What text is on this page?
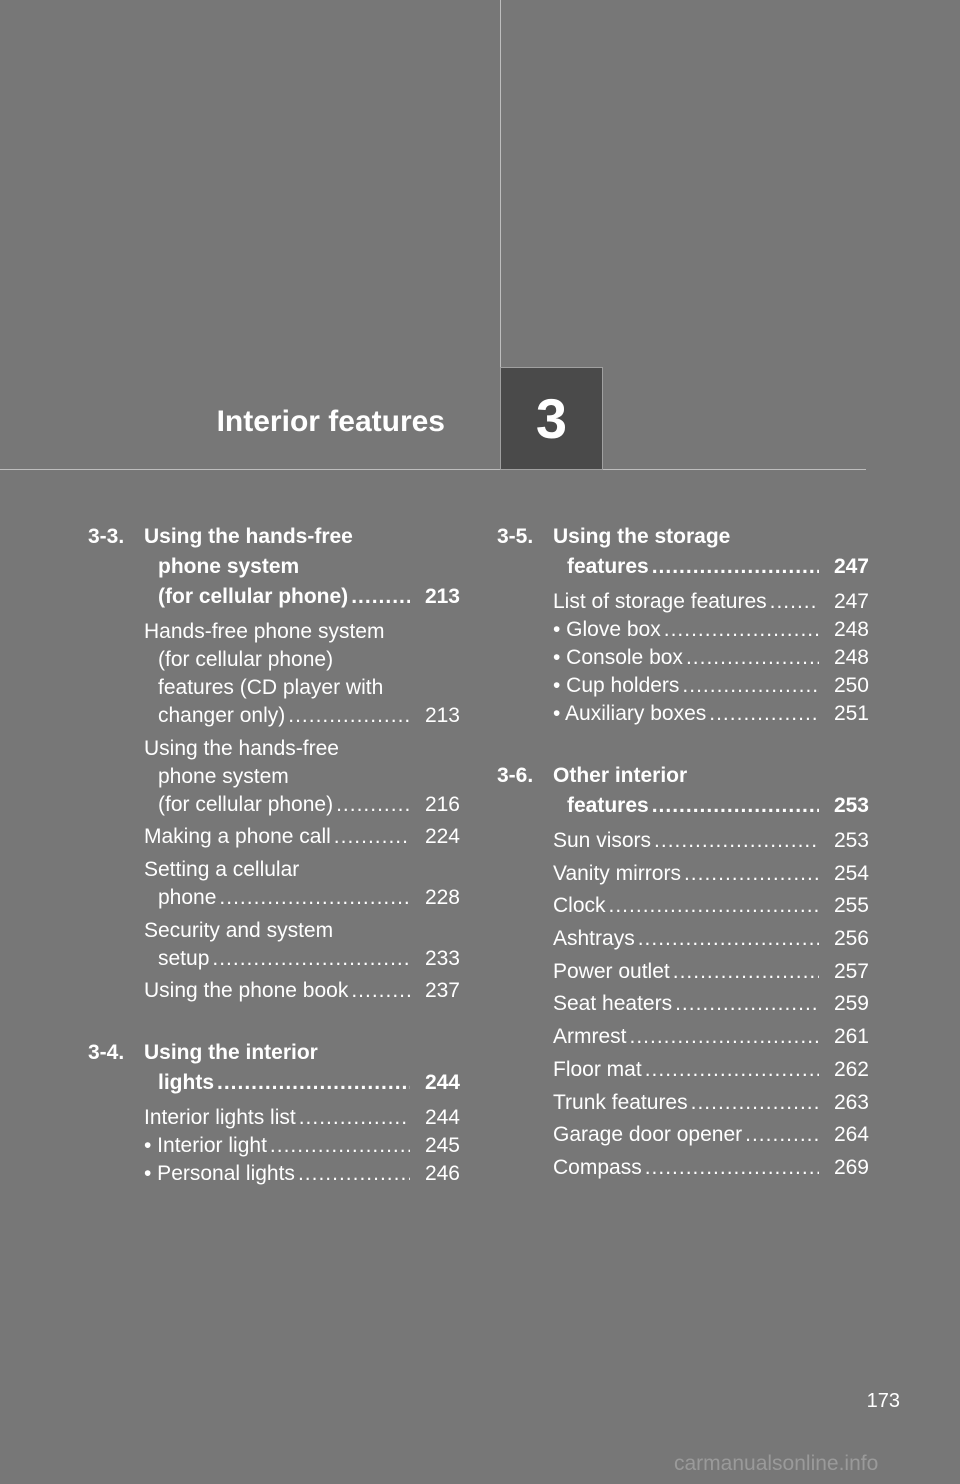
Interior features	3
3-3. Using the hands-free
phone system
(for cellular phone) .....	213
Hands-free phone system
(for cellular phone)
features (CD player with
changer only) .....	213
Using the hands-free
phone system
(for cellular phone) .....	216
Making a phone call .....	224
Setting a cellular
phone .....	228
Security and system
setup .....	233
Using the phone book .....	237
3-4. Using the interior
lights .....	244
Interior lights list .....	244
• Interior light .....	245
• Personal lights .....	246
3-5. Using the storage
features .....	247
List of storage features .....	247
• Glove box .....	248
• Console box .....	248
• Cup holders .....	250
• Auxiliary boxes .....	251
3-6. Other interior
features .....	253
Sun visors .....	253
Vanity mirrors .....	254
Clock .....	255
Ashtrays .....	256
Power outlet .....	257
Seat heaters .....	259
Armrest .....	261
Floor mat .....	262
Trunk features .....	263
Garage door opener .....	264
Compass .....	269
173
carmanualsonline.info
